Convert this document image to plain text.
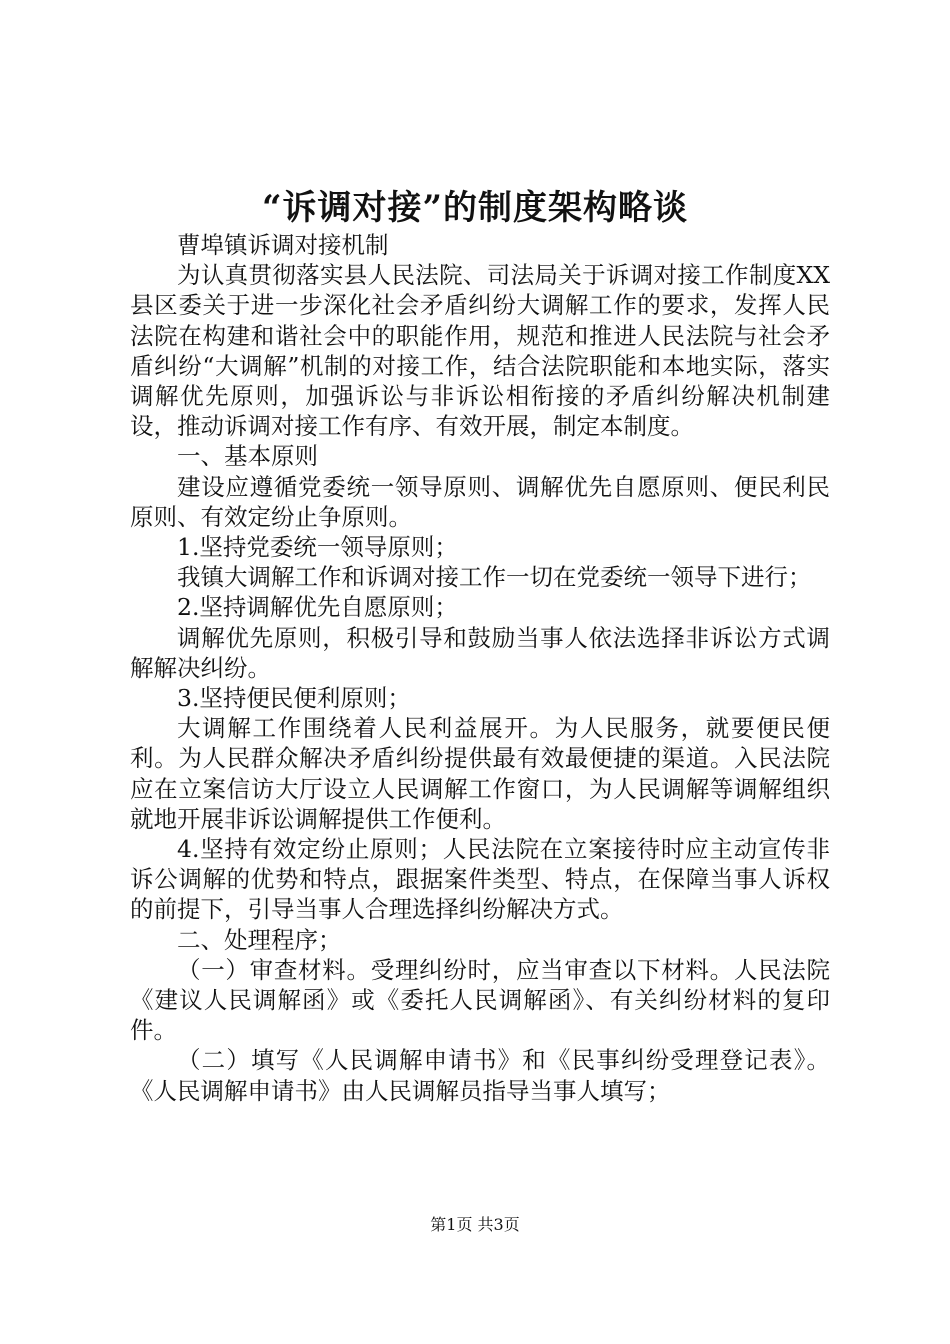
“诉调对接”的制度架构略谈

曹埠镇诉调对接机制

为认真贯彻落实县人民法院、司法局关于诉调对接工作制度XX县区委关于进一步深化社会矛盾纠纷大调解工作的要求，发挥人民法院在构建和谐社会中的职能作用，规范和推进人民法院与社会矛盾纠纷“大调解”机制的对接工作，结合法院职能和本地实际，落实调解优先原则，加强诉讼与非诉讼相衔接的矛盾纠纷解决机制建设，推动诉调对接工作有序、有效开展，制定本制度。

一、基本原则

建设应遵循党委统一领导原则、调解优先自愿原则、便民利民原则、有效定纷止争原则。

1.坚持党委统一领导原则；

我镇大调解工作和诉调对接工作一切在党委统一领导下进行；

2.坚持调解优先自愿原则；

调解优先原则，积极引导和鼓励当事人依法选择非诉讼方式调解解决纠纷。

3.坚持便民便利原则；

大调解工作围绕着人民利益展开。为人民服务，就要便民便利。为人民群众解决矛盾纠纷提供最有效最便捷的渠道。入民法院应在立案信访大厅设立人民调解工作窗口，为人民调解等调解组织就地开展非诉讼调解提供工作便利。

4.坚持有效定纷止原则；人民法院在立案接待时应主动宣传非诉公调解的优势和特点，跟据案件类型、特点，在保障当事人诉权的前提下，引导当事人合理选择纠纷解决方式。

二、处理程序；

（一）审查材料。受理纠纷时，应当审查以下材料。人民法院《建议人民调解函》或《委托人民调解函》、有关纠纷材料的复印件。

（二）填写《人民调解申请书》和《民事纠纷受理登记表》。《人民调解申请书》由人民调解员指导当事人填写；

第1页 共3页
